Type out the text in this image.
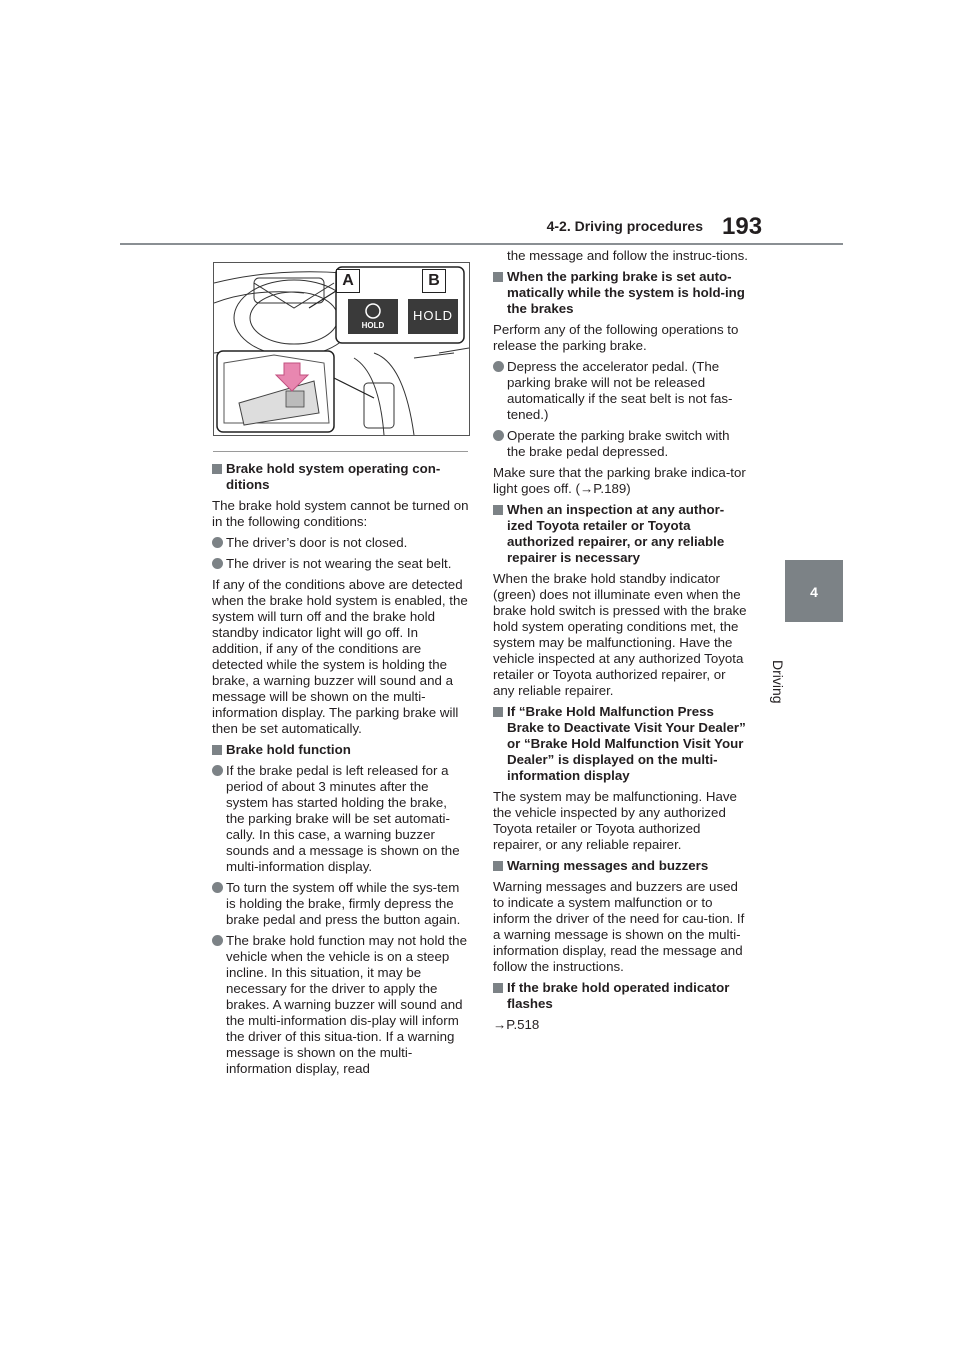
4-2. Driving procedures 193
4
Driving
A	B
HOLD
HOLD
Brake hold system operating con-ditions

The brake hold system cannot be turned on in the following conditions:

The driver’s door is not closed.
The driver is not wearing the seat belt.

If any of the conditions above are detected when the brake hold system is enabled, the system will turn off and the brake hold standby indicator light will go off. In addition, if any of the conditions are detected while the system is holding the brake, a warning buzzer will sound and a message will be shown on the multi-information display. The parking brake will then be set automatically.

Brake hold function
If the brake pedal is left released for a period of about 3 minutes after the system has started holding the brake, the parking brake will be set automati-cally. In this case, a warning buzzer sounds and a message is shown on the multi-information display.
To turn the system off while the sys-tem is holding the brake, firmly depress the brake pedal and press the button again.
The brake hold function may not hold the vehicle when the vehicle is on a steep incline. In this situation, it may be necessary for the driver to apply the brakes. A warning buzzer will sound and the multi-information dis-play will inform the driver of this situa-tion. If a warning message is shown on the multi-information display, read

the message and follow the instruc-tions.

When the parking brake is set auto-matically while the system is hold-ing the brakes

Perform any of the following operations to release the parking brake.

Depress the accelerator pedal. (The parking brake will not be released automatically if the seat belt is not fas-tened.)
Operate the parking brake switch with the brake pedal depressed.

Make sure that the parking brake indica-tor light goes off. (→P.189)

When an inspection at any author-ized Toyota retailer or Toyota authorized repairer, or any reliable repairer is necessary

When the brake hold standby indicator (green) does not illuminate even when the brake hold switch is pressed with the brake hold system operating conditions met, the system may be malfunctioning. Have the vehicle inspected at any authorized Toyota retailer or Toyota authorized repairer, or any reliable repairer.

If “Brake Hold Malfunction Press Brake to Deactivate Visit Your Dealer” or “Brake Hold Malfunction Visit Your Dealer” is displayed on the multi-information display

The system may be malfunctioning. Have the vehicle inspected by any authorized Toyota retailer or Toyota authorized repairer, or any reliable repairer.

Warning messages and buzzers

Warning messages and buzzers are used to indicate a system malfunction or to inform the driver of the need for cau-tion. If a warning message is shown on the multi-information display, read the message and follow the instructions.

If the brake hold operated indicator flashes

→P.518
